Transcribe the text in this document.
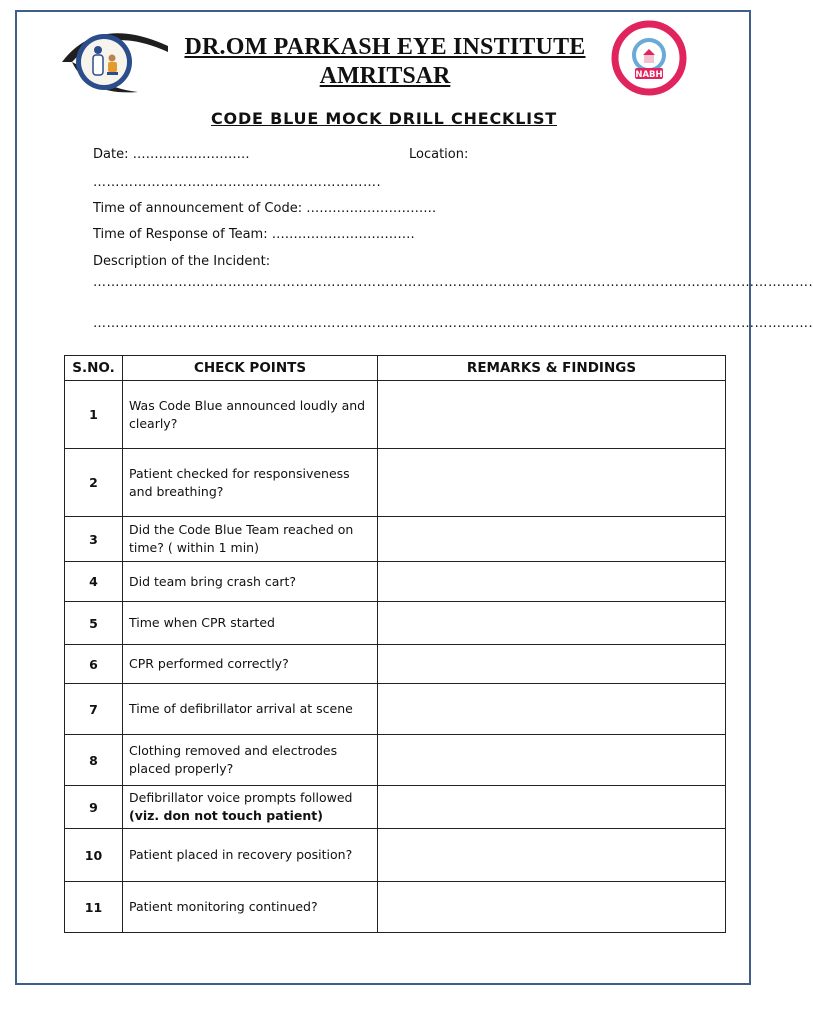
NABH
DR.OM PARKASH EYE INSTITUTE
AMRITSAR
CODE BLUE MOCK DRILL CHECKLIST
Date: ………………………	Location:
……………………………………………………….
Time of announcement of Code: …………………………
Time of Response of Team: ……………………………
Description of the Incident:
…………………………………………………………………………………………………………………………………………….
…………………………………………………………………………………………………………………………………………….
S.NO.	CHECK POINTS	REMARKS & FINDINGS
1	Was Code Blue announced loudly and clearly?	
2	Patient checked for responsiveness and breathing?	
3	Did the Code Blue Team reached on time? ( within 1 min)	
4	Did team bring crash cart?	
5	Time when CPR started	
6	CPR performed correctly?	
7	Time of defibrillator arrival at scene	
8	Clothing removed and electrodes placed properly?	
9	Defibrillator voice prompts followed
(viz. don not touch patient)	

10	Patient placed in recovery position?	
11	Patient monitoring continued?	
